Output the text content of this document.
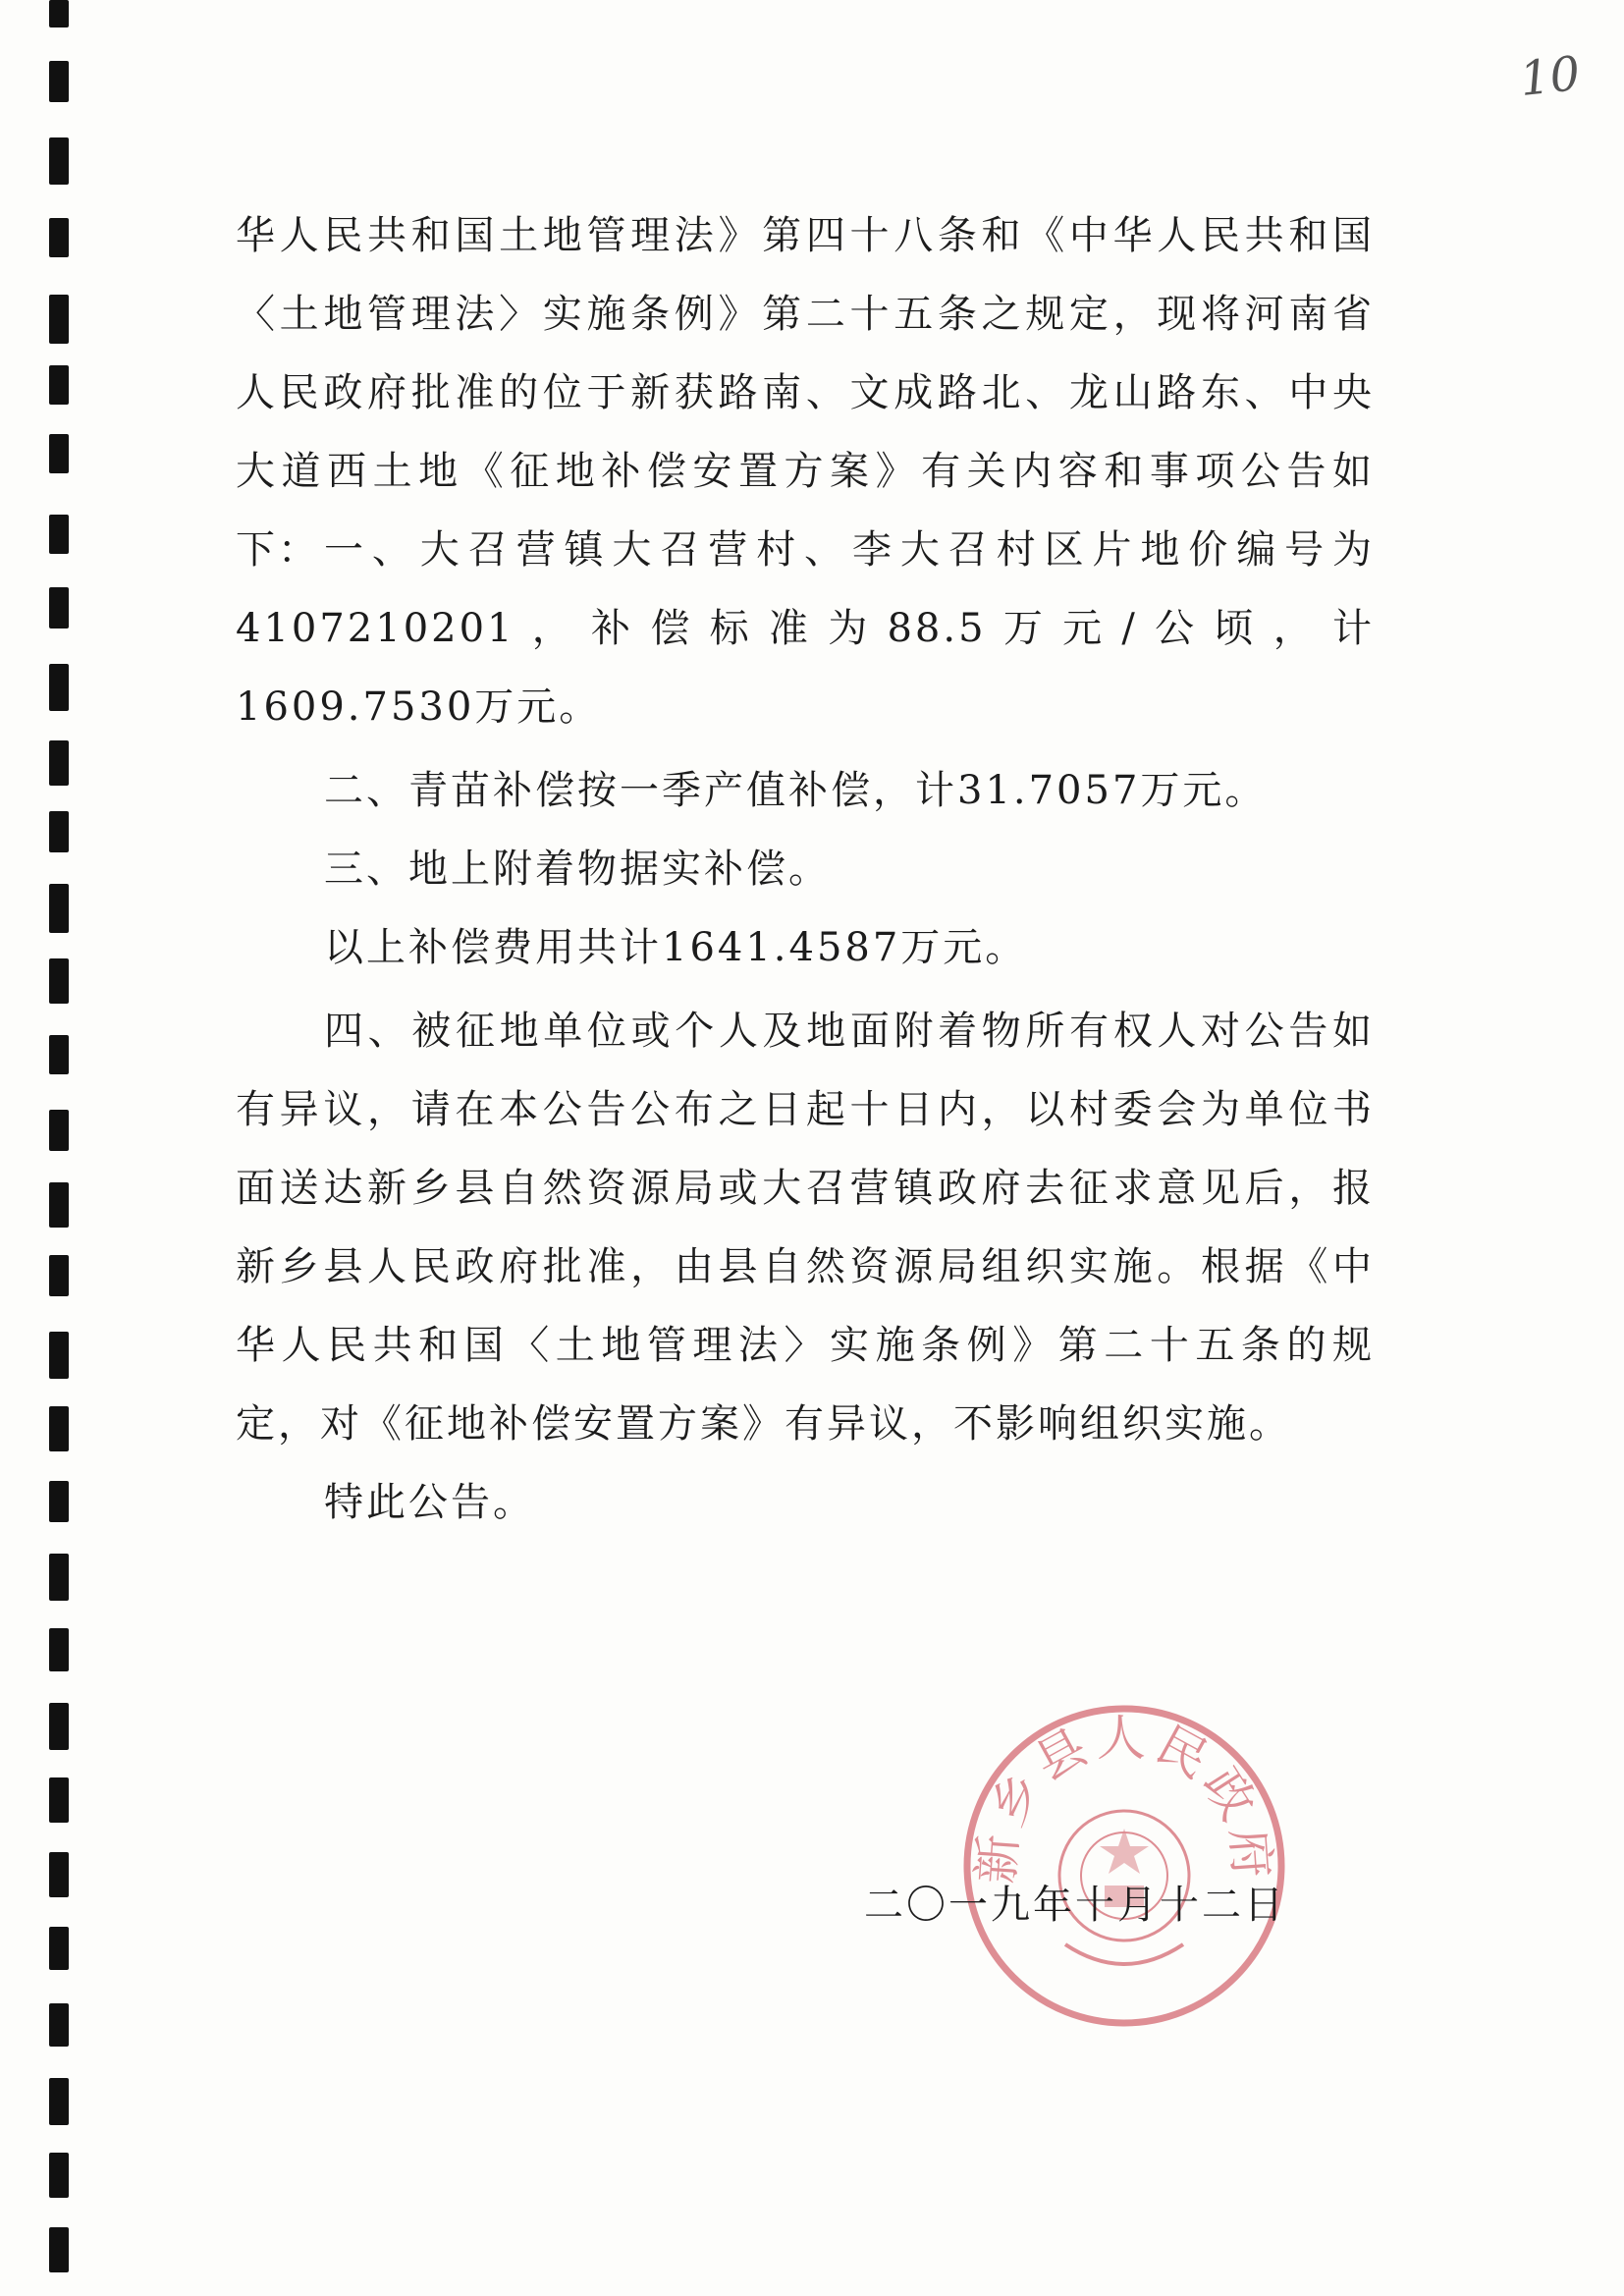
10

华人民共和国土地管理法》第四十八条和《中华人民共和国〈土地管理法〉实施条例》第二十五条之规定，现将河南省人民政府批准的位于新获路南、文成路北、龙山路东、中央大道西土地《征地补偿安置方案》有关内容和事项公告如下： 一、大召营镇大召营村、李大召村区片地价编号为4107210201，补偿标准为88.5万元/公顷，计1609.7530万元。

二、青苗补偿按一季产值补偿，计31.7057万元。

三、地上附着物据实补偿。

以上补偿费用共计1641.4587万元。

四、被征地单位或个人及地面附着物所有权人对公告如有异议，请在本公告公布之日起十日内，以村委会为单位书面送达新乡县自然资源局或大召营镇政府去征求意见后，报新乡县人民政府批准，由县自然资源局组织实施。根据《中华人民共和国〈土地管理法〉实施条例》第二十五条的规定，对《征地补偿安置方案》有异议，不影响组织实施。

特此公告。

新乡县人民政府

二〇一九年十月十二日
